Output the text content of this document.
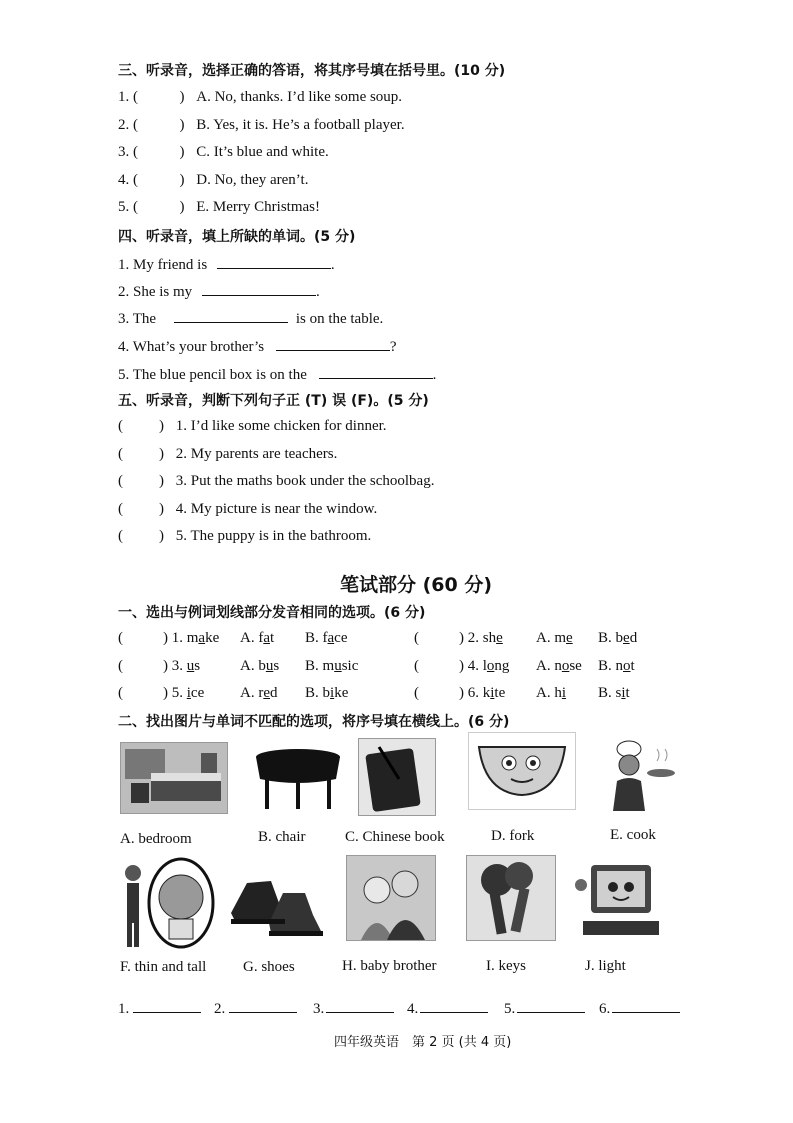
三、听录音，选择正确的答语，将其序号填在括号里。(10 分)
1. (	) A. No, thanks. I’d like some soup.
2. (	) B. Yes, it is. He’s a football player.
3. (	) C. It’s blue and white.
4. (	) D. No, they aren’t.
5. (	) E. Merry Christmas!
四、听录音，填上所缺的单词。(5 分)
1. My friend is	.
2. She is my	.
3. The	is on the table.
4. What’s your brother’s	?
5. The blue pencil box is on the	.
五、听录音，判断下列句子正 (T) 误 (F)。(5 分)
( ) 1. I’d like some chicken for dinner.
( ) 2. My parents are teachers.
( ) 3. Put the maths book under the schoolbag.
( ) 4. My picture is near the window.
( ) 5. The puppy is in the bathroom.
笔试部分 (60 分)
一、选出与例词划线部分发音相同的选项。(6 分)
(	) 1. make A. fat B. face	(	) 2. she A. me B. bed
(	) 3. us	A. bus B. music	(	) 4. long A. nose B. not
(	) 5. ice A. red B. bike	(	) 6. kite A. hi B. sit
二、找出图片与单词不匹配的选项，将序号填在横线上。(6 分)
A. bedroom	B. chair	C. Chinese book	D. fork	E. cook
F. thin and tall G. shoes	H. baby brother	I. keys	J. light
1.	2.	3.	4.	5.	6.
四年级英语　第 2 页 (共 4 页)
